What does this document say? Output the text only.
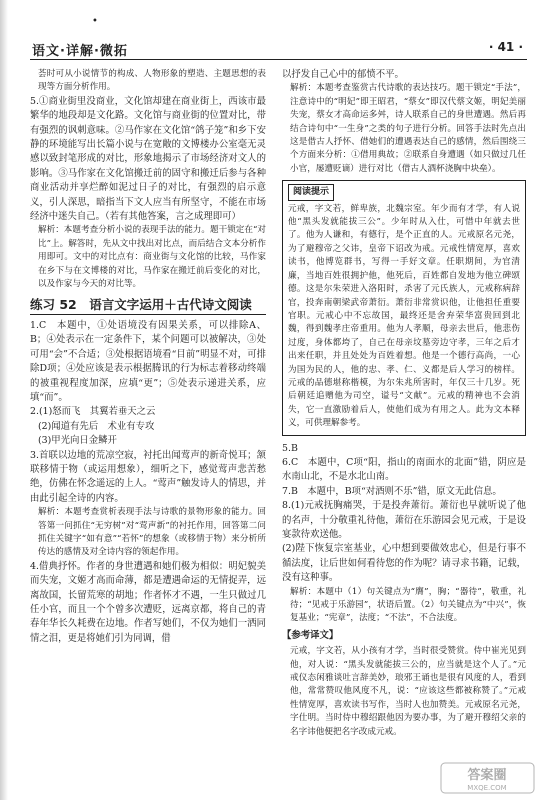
•
语文·详解·微拓	· 41 ·

荟时可从小说情节的构成、人物形象的塑造、主题思想的表现等方面分析作用。

5.①商业街里没商业，文化馆却建在商业街上，西该市最繁华的地段却是文化路。文化馆与商业街的位置对比，带有强烈的讽刺意味。②马作家在文化馆“鸽子笼”和乡下安静的环境能写出长篇小说与在宽敞的文博楼办公室毫无灵感以致封笔形成的对比，形象地揭示了市场经济对文人的影响。③马作家在文化馆搬迁前的固守和搬迁后参与各种商业活动并享烂醉如泥过日子的对比，有强烈的启示意义，引人深思，暗指当下文人应当有所坚守，不能在市场经济中迷失自己。（若有其他答案，言之成理即可）

解析：本题考查分析小说的表现手法的能力。题干锁定在“对比”上。解答时，先从文中找出对比点，而后结合文本分析作用即可。文中的对比点有：商业街与文化馆的比较，马作家在乡下与在文博楼的对比，马作家在搬迁前后变化的对比，以及作家与今天的对比等。

练习 52　语言文字运用＋古代诗文阅读

1.C　本题中，①处语境没有因果关系，可以排除A、B；④处表示在一定条件下，某个问题可以被解决，③处可用“会”不合适；③处根据语境看“目前”明显不对，可排除D项；④处应该是表示根据腾讯的行为标志着移动终端的被重视程度加深，应填“更”；⑤处表示递进关系，应填“而”。

2.(1)怒而飞　其翼若垂天之云

(2)闻道有先后　术业有专攻

(3)甲光向日金鳞开

3.首联以边地的荒凉空寂，衬托出闻莺声的新奇悦耳；颔联移情于物（或运用想象），细听之下，感觉莺声悲苦愁绝，仿佛在怀念遥远的上人。“莺声”触发诗人的情思，并由此引起全诗的内容。

解析：本题考查赏析表现手法与诗歌的景物形象的能力。回答第一问抓住“无穷树”对“莺声新”的衬托作用，回答第二问抓住关键字“如有意”“若怀”的想象（或移情于物）来分析所传达的感情及对全诗内容的领起作用。

4.借典抒怀。作者的身世遭遇和她们极为相似：明妃貌美而失宠，文姬才高而命薄，都是遭遇命运的无情捉弄，远离故国，长留荒寒的胡地；作者怀才不遇，一生只做过几任小官，而且一个个曾多次遭贬，远离京都，将自己的青春年华长久耗费在边地。作者写她们，不仅为她们一洒同情之泪，更是将她们引为同调，借

以抒发自己心中的郁愤不平。

解析：本题考查鉴赏古代诗歌的表达技巧。题干锁定“手法”，注意诗中的“明妃”即王昭君，“蔡女”即汉代蔡文姬，明妃美丽失宠，蔡女才高命运多舛，诗人联系自己的身世遭遇。然后再结合诗句中“一生身”之类的句子进行分析。回答手法时先点出这是借古人抒怀、借她们的遭遇表达自己的感情，然后围绕三个方面来分析：①借用典故；②联系自身遭遇（如只做过几任小官，屡遭贬谪）进行对比（借古人酒杯浇胸中块垒）。

阅读提示

元戒，字文若，鲜卑族，北魏宗室。年少而有才学，有人说他“黑头发就能拔三公”。少年时从入仕，可惜中年就去世了。他为人谦和，有德行，是个正直的人。元戒原名元尧，为了避穆帝之父讳，皇帝下诏改为戒。元戒性情宽厚，喜欢读书，他博览群书，写得一手好文章。任职期间，为官清廉，当地百姓很拥护他，他死后，百姓都自发地为他立碑颂德。这是尔朱荣进入洛阳时，杀害了元氏族人，元戒称病辞官，投奔南朝梁武帝萧衍。萧衍非常赏识他，让他担任重要官职。元戒心中不忘故国，最终还是舍弃荣华富贵回到北魏，得到魏孝庄帝重用。他为人孝顺，母亲去世后，他悲伤过度，身体都垮了，自己在母亲坟墓旁边守孝，三年之后才出来任职，并且处处为百姓着想。他是一个德行高尚，一心为国为民的人，他的忠、孝、仁、义都是后人学习的榜样。元戒的品德堪称楷模，为尔朱兆所害时，年仅三十几岁。死后朝廷追赠他为司空，谥号“文献”。元戒的精神也不会消失，它一直激励着后人，使他们成为有用之人。此为文本释义，可供理解参考。

5.B

6.C　本题中，C项“阳，指山的南面水的北面”错，阴应是水南山北，不是水北山南。

7.B　本题中，B项“对酒则不乐”错，原文无此信息。

8.(1)元戒抚胸痛哭，于是投奔萧衍。萧衍也早就听说了他的名声，十分敬重礼待他，萧衍在乐游园会见元戒，于是设宴款待欢送他。

(2)陛下恢复宗室基业，心中想到要做效忠心，但是行事不循法度，让后世如何看待您的作为呢？请寻求书籍，记载，没有这种事。

解析：本题中（1）句关键点为“膺”，胸；“器待”，敬重，礼待；“见戒于乐游园”，状语后置。（2）句关键点为“中兴”，恢复基业；“宪章”，法度；“不法”，不合法度。

【参考译文】

元戒，字文若，从小孩有才学，当时很受赞赏。侍中崔光见到他，对人说：“黑头发就能拔三公的，应当就是这个人了。”元戒仪态闲雅谈吐言辞美妙，琅邪王诵也是很有风度的人，看到他，常常赞叹他风度不凡，说：“应该这些都被称赞了。”元戒性情宽厚，喜欢读书写作，当时人也加赞美。元戒原名元尧，字仕明。当时侍中穆绍跟他因为要办事，为了避开穆绍父亲的名字讳他便把名字改成元戒。

答案圈
MXQE.COM
